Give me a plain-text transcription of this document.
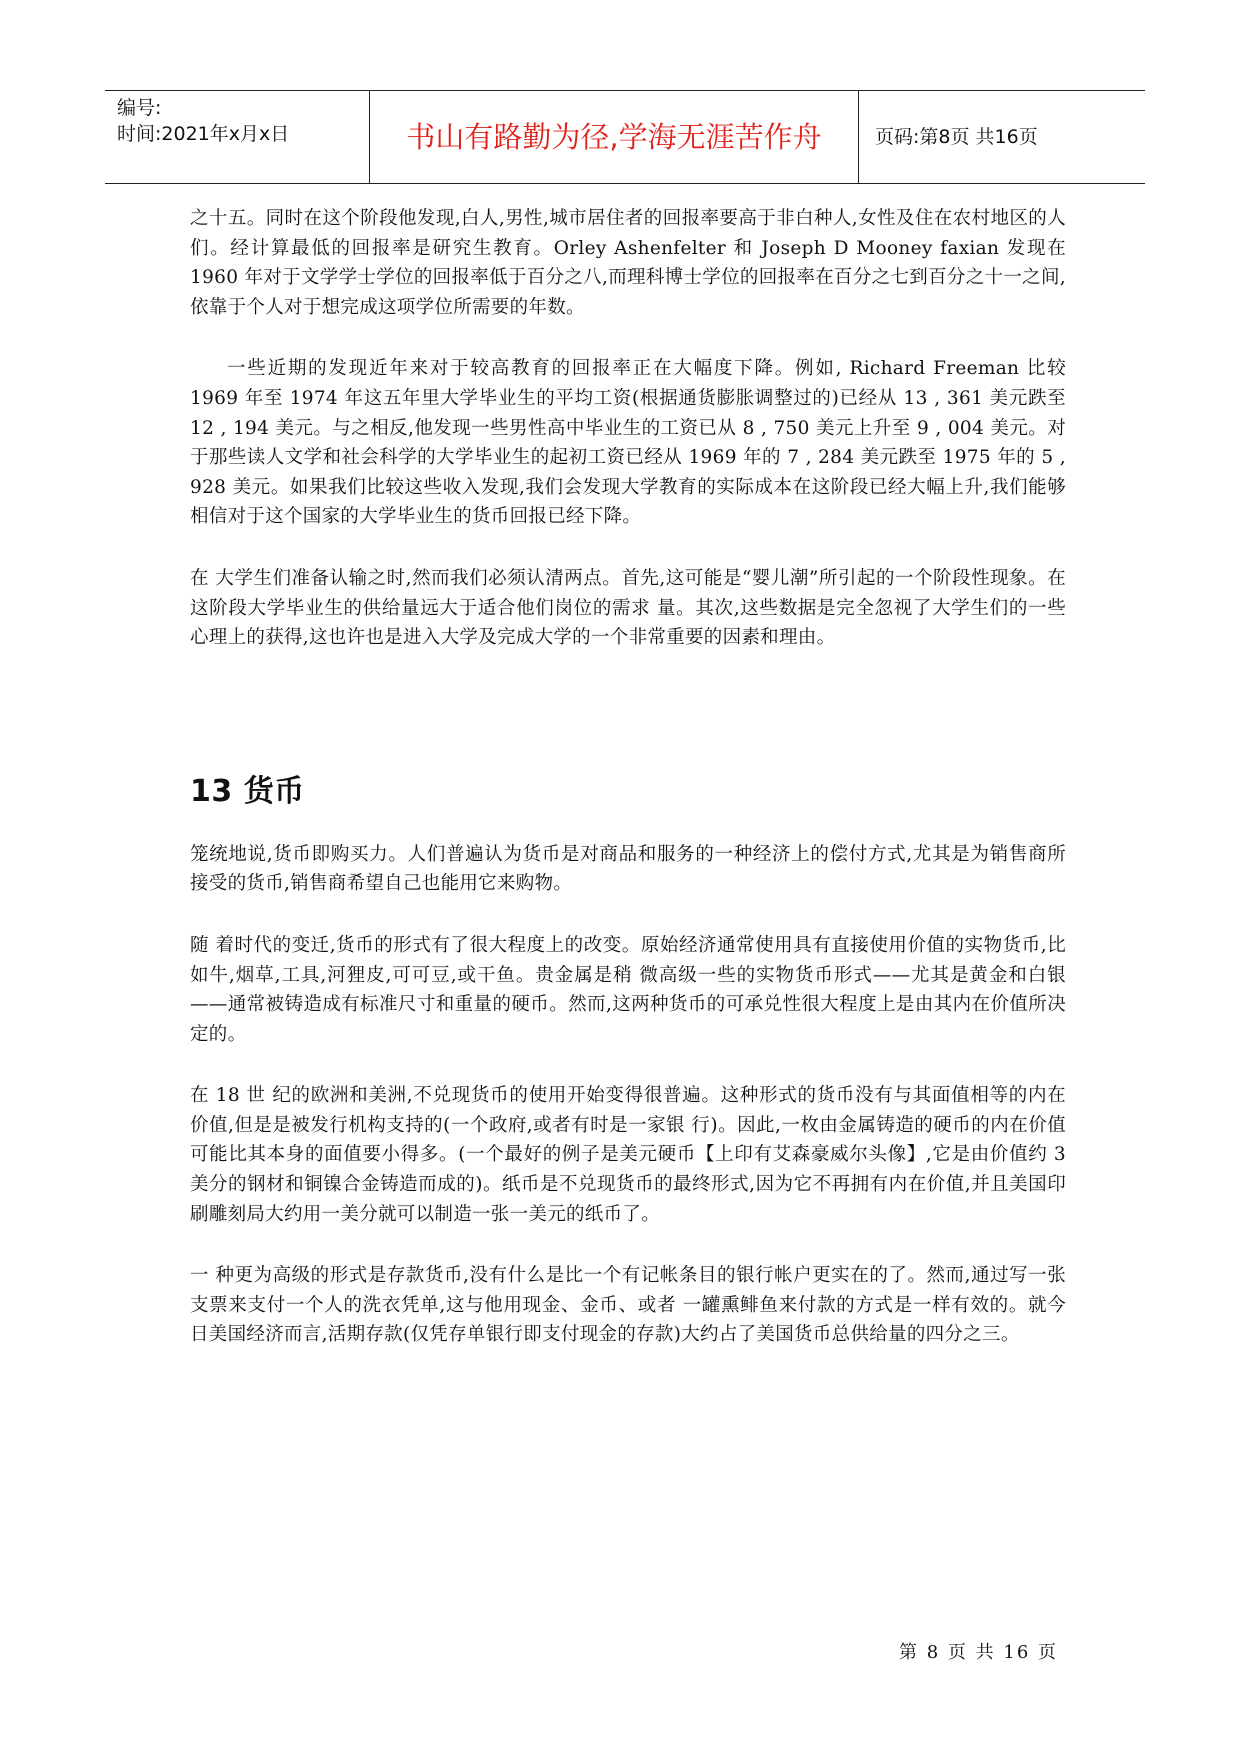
编号:
时间:2021年x月x日	书山有路勤为径,学海无涯苦作舟	页码:第8页 共16页

之十五。同时在这个阶段他发现,白人,男性,城市居住者的回报率要高于非白种人,女性及住在农村地区的人们。经计算最低的回报率是研究生教育。Orley Ashenfelter 和 Joseph D Mooney faxian 发现在 1960 年对于文学学士学位的回报率低于百分之八,而理科博士学位的回报率在百分之七到百分之十一之间,依靠于个人对于想完成这项学位所需要的年数。

一些近期的发现近年来对于较高教育的回报率正在大幅度下降。例如, Richard Freeman 比较 1969 年至 1974 年这五年里大学毕业生的平均工资(根据通货膨胀调整过的)已经从 13 , 361 美元跌至 12 , 194 美元。与之相反,他发现一些男性高中毕业生的工资已从 8 , 750 美元上升至 9 , 004 美元。对于那些读人文学和社会科学的大学毕业生的起初工资已经从 1969 年的 7 , 284 美元跌至 1975 年的 5 , 928 美元。如果我们比较这些收入发现,我们会发现大学教育的实际成本在这阶段已经大幅上升,我们能够相信对于这个国家的大学毕业生的货币回报已经下降。

在 大学生们准备认输之时,然而我们必须认清两点。首先,这可能是“婴儿潮”所引起的一个阶段性现象。在这阶段大学毕业生的供给量远大于适合他们岗位的需求 量。其次,这些数据是完全忽视了大学生们的一些心理上的获得,这也许也是进入大学及完成大学的一个非常重要的因素和理由。

13 货币

笼统地说,货币即购买力。人们普遍认为货币是对商品和服务的一种经济上的偿付方式,尤其是为销售商所接受的货币,销售商希望自己也能用它来购物。

随 着时代的变迁,货币的形式有了很大程度上的改变。原始经济通常使用具有直接使用价值的实物货币,比如牛,烟草,工具,河狸皮,可可豆,或干鱼。贵金属是稍 微高级一些的实物货币形式——尤其是黄金和白银——通常被铸造成有标准尺寸和重量的硬币。然而,这两种货币的可承兑性很大程度上是由其内在价值所决定的。

在 18 世 纪的欧洲和美洲,不兑现货币的使用开始变得很普遍。这种形式的货币没有与其面值相等的内在价值,但是是被发行机构支持的(一个政府,或者有时是一家银 行)。因此,一枚由金属铸造的硬币的内在价值可能比其本身的面值要小得多。(一个最好的例子是美元硬币【上印有艾森豪威尔头像】,它是由价值约 3 美分的钢材和铜镍合金铸造而成的)。纸币是不兑现货币的最终形式,因为它不再拥有内在价值,并且美国印刷雕刻局大约用一美分就可以制造一张一美元的纸币了。

一 种更为高级的形式是存款货币,没有什么是比一个有记帐条目的银行帐户更实在的了。然而,通过写一张支票来支付一个人的洗衣凭单,这与他用现金、金币、或者 一罐熏鲱鱼来付款的方式是一样有效的。就今日美国经济而言,活期存款(仅凭存单银行即支付现金的存款)大约占了美国货币总供给量的四分之三。

第 8 页 共 16 页
